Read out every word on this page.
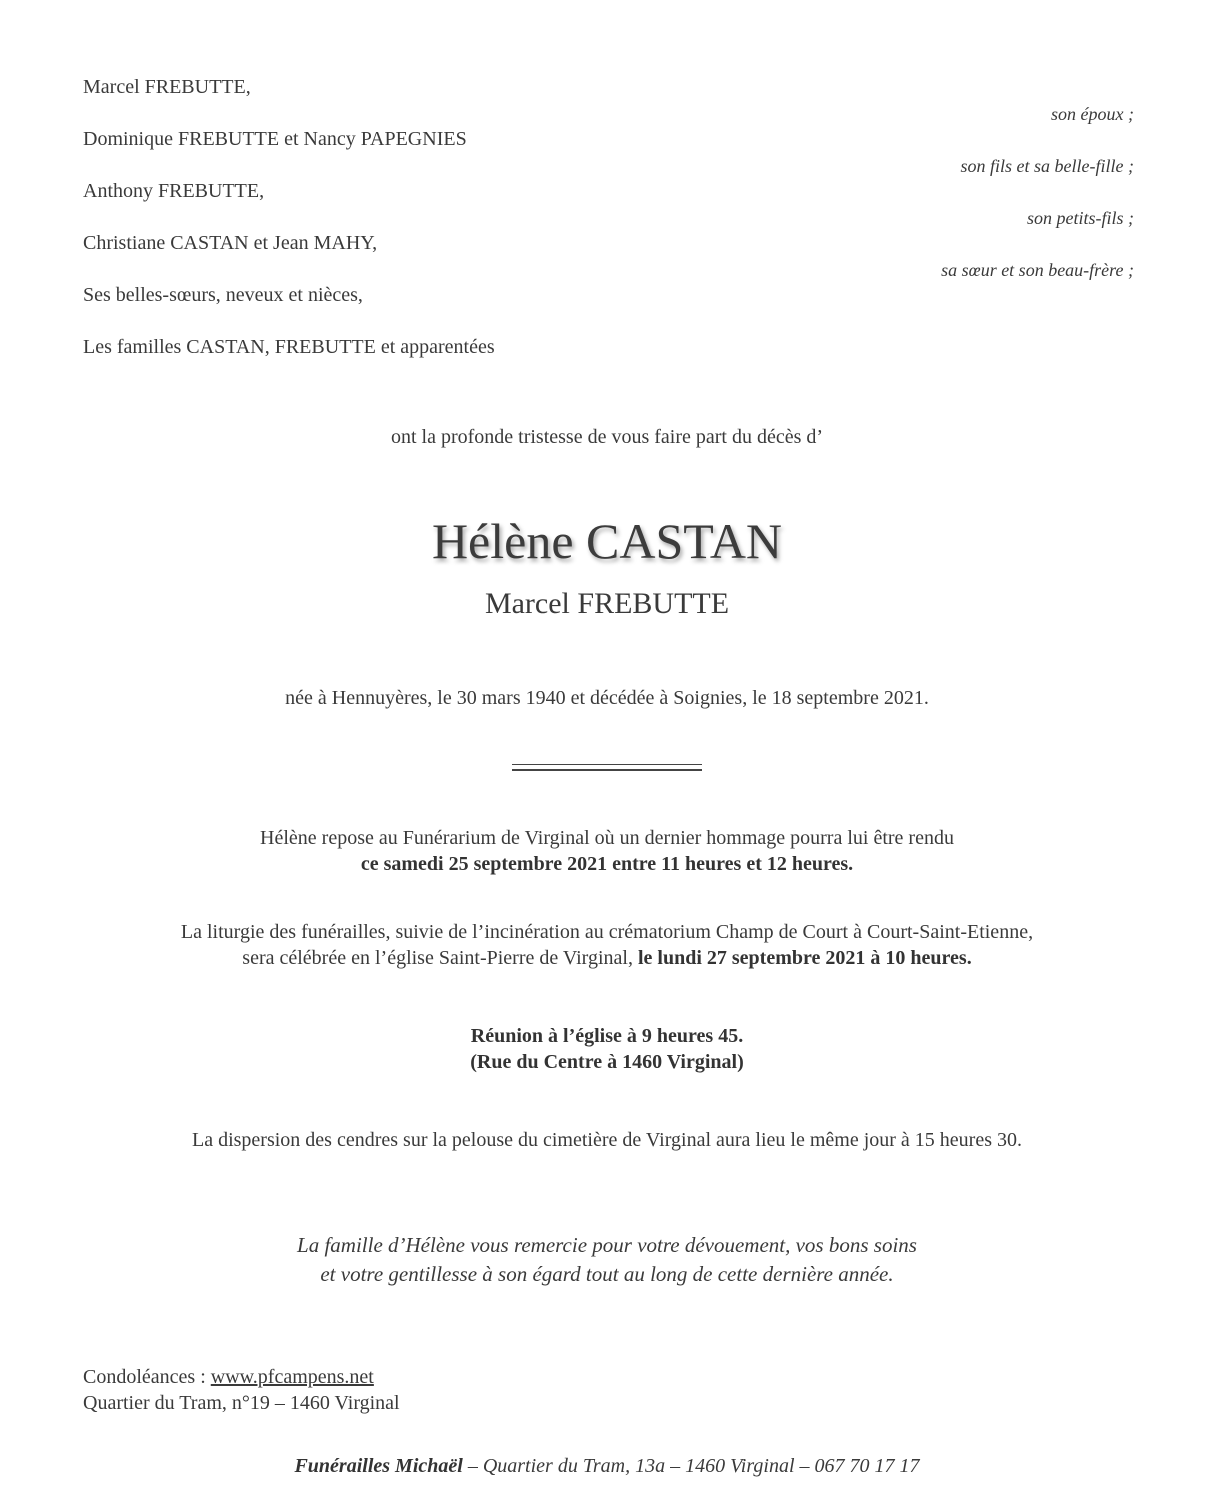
Marcel FREBUTTE,
Dominique FREBUTTE et Nancy PAPEGNIES
Anthony FREBUTTE,
Christiane CASTAN et Jean MAHY,
Ses belles-sœurs, neveux et nièces,
Les familles CASTAN, FREBUTTE et apparentées
son époux ;
son fils et sa belle-fille ;
son petits-fils ;
sa sœur et son beau-frère ;
ont la profonde tristesse de vous faire part du décès d’
Hélène CASTAN
Marcel FREBUTTE
née à Hennuyères, le 30 mars 1940 et décédée à Soignies, le 18 septembre 2021.
Hélène repose au Funérarium de Virginal où un dernier hommage pourra lui être rendu
ce samedi 25 septembre 2021 entre 11 heures et 12 heures.
La liturgie des funérailles, suivie de l’incinération au crématorium Champ de Court à Court-Saint-Etienne,
sera célébrée en l’église Saint-Pierre de Virginal, le lundi 27 septembre 2021 à 10 heures.
Réunion à l’église à 9 heures 45.
(Rue du Centre à 1460 Virginal)
La dispersion des cendres sur la pelouse du cimetière de Virginal aura lieu le même jour à 15 heures 30.
La famille d’Hélène vous remercie pour votre dévouement, vos bons soins
et votre gentillesse à son égard tout au long de cette dernière année.
Condoléances : www.pfcampens.net
Quartier du Tram, n°19 – 1460 Virginal
Funérailles Michaël – Quartier du Tram, 13a – 1460 Virginal – 067 70 17 17
